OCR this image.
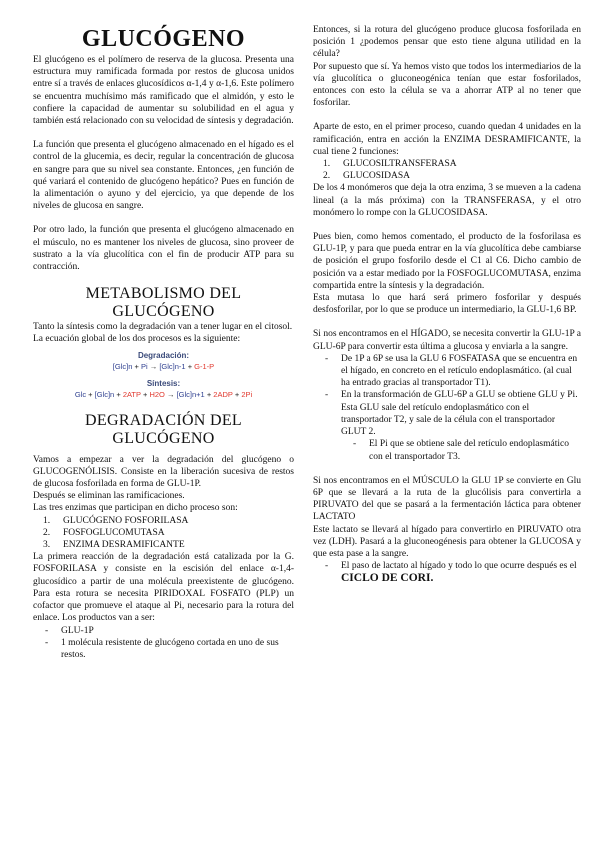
GLUCÓGENO

El glucógeno es el polímero de reserva de la glucosa. Presenta una estructura muy ramificada formada por restos de glucosa unidos entre sí a través de enlaces glucosídicos α-1,4 y α-1,6. Este polímero se encuentra muchísimo más ramificado que el almidón, y esto le confiere la capacidad de aumentar su solubilidad en el agua y también está relacionado con su velocidad de síntesis y degradación.

La función que presenta el glucógeno almacenado en el hígado es el control de la glucemia, es decir, regular la concentración de glucosa en sangre para que su nivel sea constante. Entonces, ¿en función de qué variará el contenido de glucógeno hepático? Pues en función de la alimentación o ayuno y del ejercicio, ya que depende de los niveles de glucosa en sangre.

Por otro lado, la función que presenta el glucógeno almacenado en el músculo, no es mantener los niveles de glucosa, sino proveer de sustrato a la vía glucolítica con el fin de producir ATP para su contracción.

METABOLISMO DEL
GLUCÓGENO

Tanto la síntesis como la degradación van a tener lugar en el citosol.

La ecuación global de los dos procesos es la siguiente:

Degradación:
[Glc]n + Pi → [Glc]n-1 + G-1-P
Síntesis:
Glc + [Glc]n + 2ATP + H2O → [Glc]n+1 + 2ADP + 2Pi
DEGRADACIÓN DEL
GLUCÓGENO

Vamos a empezar a ver la degradación del glucógeno o GLUCOGENÓLISIS. Consiste en la liberación sucesiva de restos de glucosa fosforilada en forma de GLU-1P.

Después se eliminan las ramificaciones.

Las tres enzimas que participan en dicho proceso son:

1. GLUCÓGENO FOSFORILASA
2. FOSFOGLUCOMUTASA
3. ENZIMA DESRAMIFICANTE

La primera reacción de la degradación está catalizada por la G. FOSFORILASA y consiste en la escisión del enlace α-1,4-glucosídico a partir de una molécula preexistente de glucógeno. Para esta rotura se necesita PIRIDOXAL FOSFATO (PLP) un cofactor que promueve el ataque al Pi, necesario para la rotura del enlace. Los productos van a ser:

- GLU-1P
- 1 molécula resistente de glucógeno cortada en uno de sus restos.

Entonces, si la rotura del glucógeno produce glucosa fosforilada en posición 1 ¿podemos pensar que esto tiene alguna utilidad en la célula?

Por supuesto que sí. Ya hemos visto que todos los intermediarios de la vía glucolítica o gluconeogénica tenían que estar fosforilados, entonces con esto la célula se va a ahorrar ATP al no tener que fosforilar.

Aparte de esto, en el primer proceso, cuando quedan 4 unidades en la ramificación, entra en acción la ENZIMA DESRAMIFICANTE, la cual tiene 2 funciones:

1. GLUCOSILTRANSFERASA
2. GLUCOSIDASA

De los 4 monómeros que deja la otra enzima, 3 se mueven a la cadena lineal (a la más próxima) con la TRANSFERASA, y el otro monómero lo rompe con la GLUCOSIDASA.

Pues bien, como hemos comentado, el producto de la fosforilasa es GLU-1P, y para que pueda entrar en la vía glucolítica debe cambiarse de posición el grupo fosforilo desde el C1 al C6. Dicho cambio de posición va a estar mediado por la FOSFOGLUCOMUTASA, enzima compartida entre la síntesis y la degradación.

Esta mutasa lo que hará será primero fosforilar y después desfosforilar, por lo que se produce un intermediario, la GLU-1,6 BP.

Si nos encontramos en el HÍGADO, se necesita convertir la GLU-1P a GLU-6P para convertir esta última a glucosa y enviarla a la sangre.

- De 1P a 6P se usa la GLU 6 FOSFATASA que se encuentra en el hígado, en concreto en el retículo endoplasmático. (al cual ha entrado gracias al transportador T1).
- En la transformación de GLU-6P a GLU se obtiene GLU y Pi. Esta GLU sale del retículo endoplasmático con el transportador T2, y sale de la célula con el transportador GLUT 2.
- El Pi que se obtiene sale del retículo endoplasmático con el transportador T3.

Si nos encontramos en el MÚSCULO la GLU 1P se convierte en Glu 6P que se llevará a la ruta de la glucólisis para convertirla a PIRUVATO del que se pasará a la fermentación láctica para obtener LACTATO

Este lactato se llevará al hígado para convertirlo en PIRUVATO otra vez (LDH). Pasará a la gluconeogénesis para obtener la GLUCOSA y que esta pase a la sangre.

- El paso de lactato al hígado y todo lo que ocurre después es el CICLO DE CORI.
